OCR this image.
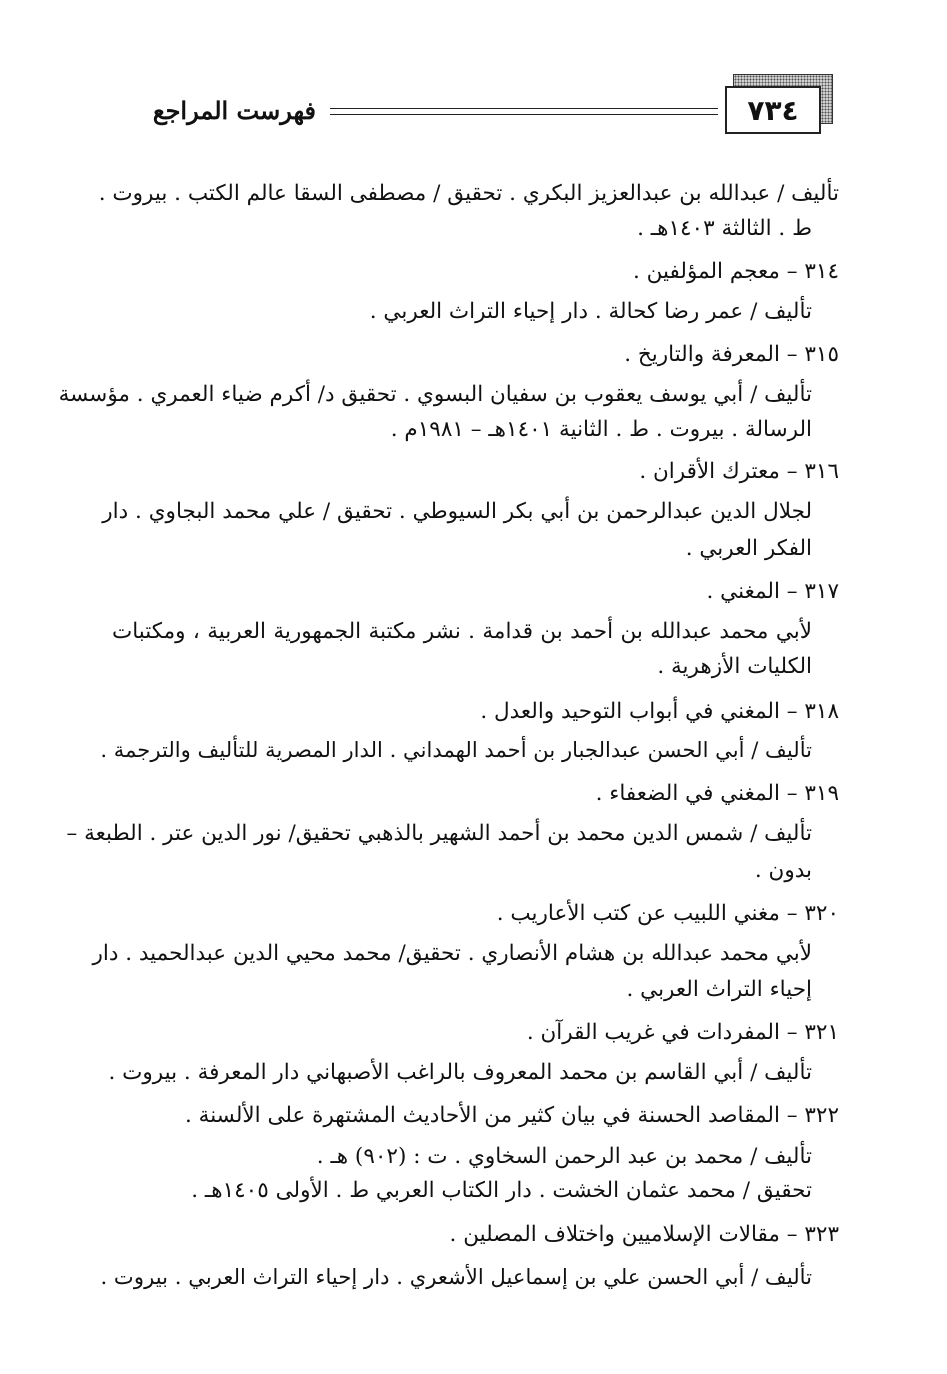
٧٣٤
فهرست المراجع
تأليف / عبدالله بن عبدالعزيز البكري . تحقيق / مصطفى السقا عالم الكتب . بيروت .
ط . الثالثة ١٤٠٣هـ .
٣١٤ – معجم المؤلفين .
تأليف / عمر رضا كحالة . دار إحياء التراث العربي .
٣١٥ – المعرفة والتاريخ .
تأليف / أبي يوسف يعقوب بن سفيان البسوي . تحقيق د/ أكرم ضياء العمري . مؤسسة
الرسالة . بيروت . ط . الثانية ١٤٠١هـ – ١٩٨١م .
٣١٦ – معترك الأقران .
لجلال الدين عبدالرحمن بن أبي بكر السيوطي . تحقيق / علي محمد البجاوي . دار
الفكر العربي .
٣١٧ – المغني .
لأبي محمد عبدالله بن أحمد بن قدامة . نشر مكتبة الجمهورية العربية ، ومكتبات
الكليات الأزهرية .
٣١٨ – المغني في أبواب التوحيد والعدل .
تأليف / أبي الحسن عبدالجبار بن أحمد الهمداني . الدار المصرية للتأليف والترجمة .
٣١٩ – المغني في الضعفاء .
تأليف / شمس الدين محمد بن أحمد الشهير بالذهبي تحقيق/ نور الدين عتر . الطبعة –
بدون .
٣٢٠ – مغني اللبيب عن كتب الأعاريب .
لأبي محمد عبدالله بن هشام الأنصاري . تحقيق/ محمد محيي الدين عبدالحميد . دار
إحياء التراث العربي .
٣٢١ – المفردات في غريب القرآن .
تأليف / أبي القاسم بن محمد المعروف بالراغب الأصبهاني دار المعرفة . بيروت .
٣٢٢ – المقاصد الحسنة في بيان كثير من الأحاديث المشتهرة على الألسنة .
تأليف / محمد بن عبد الرحمن السخاوي . ت : (٩٠٢) هـ .
تحقيق / محمد عثمان الخشت . دار الكتاب العربي ط . الأولى ١٤٠٥هـ .
٣٢٣ – مقالات الإسلاميين واختلاف المصلين .
تأليف / أبي الحسن علي بن إسماعيل الأشعري . دار إحياء التراث العربي . بيروت .
